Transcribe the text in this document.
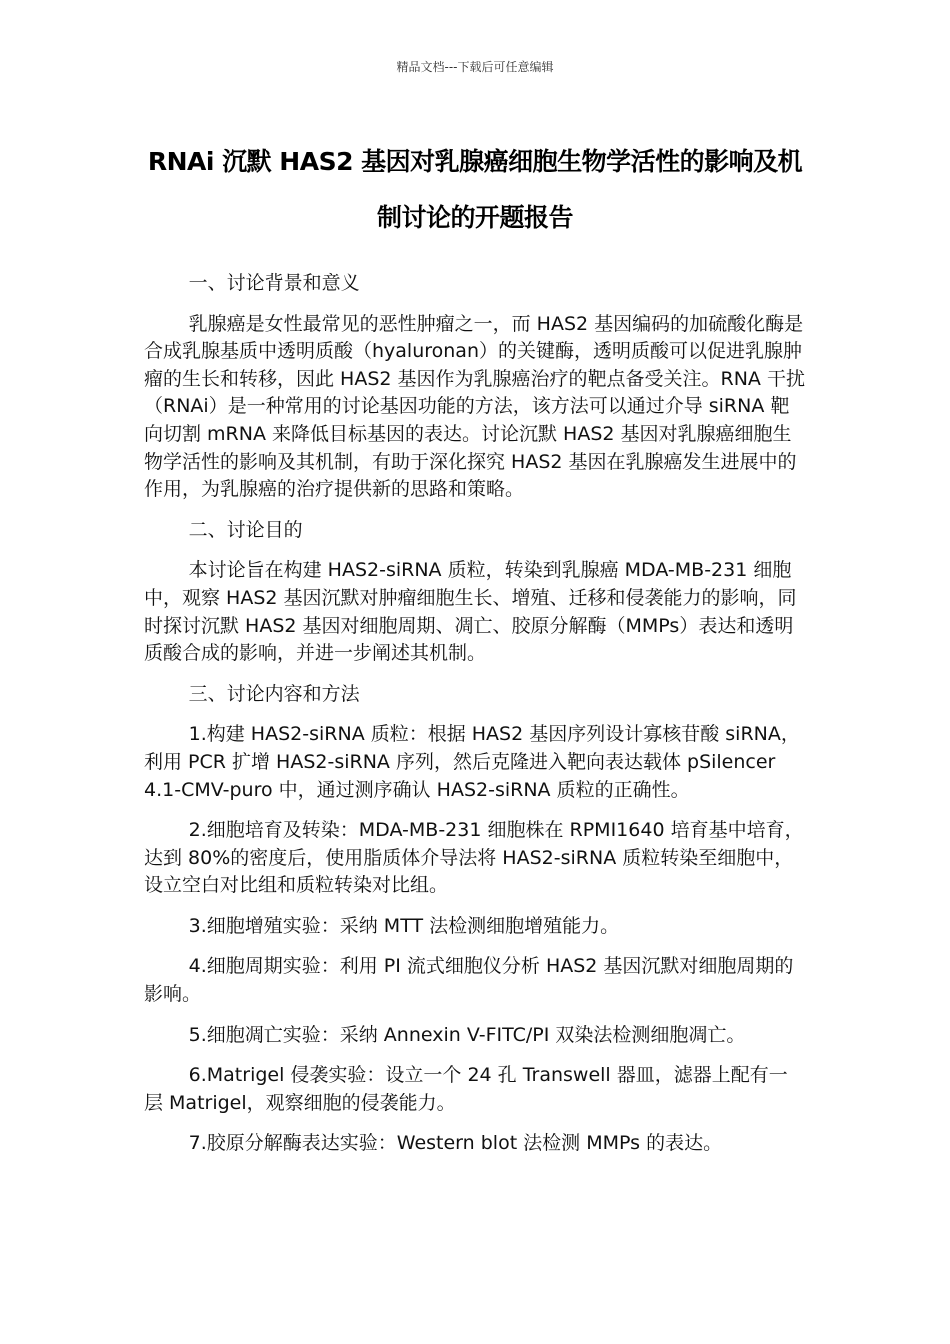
精品文档---下载后可任意编辑
RNAi 沉默 HAS2 基因对乳腺癌细胞生物学活性的影响及机制讨论的开题报告

一、讨论背景和意义

乳腺癌是女性最常见的恶性肿瘤之一，而 HAS2 基因编码的加硫酸化酶是合成乳腺基质中透明质酸（hyaluronan）的关键酶，透明质酸可以促进乳腺肿瘤的生长和转移，因此 HAS2 基因作为乳腺癌治疗的靶点备受关注。RNA 干扰（RNAi）是一种常用的讨论基因功能的方法，该方法可以通过介导 siRNA 靶向切割 mRNA 来降低目标基因的表达。讨论沉默 HAS2 基因对乳腺癌细胞生物学活性的影响及其机制，有助于深化探究 HAS2 基因在乳腺癌发生进展中的作用，为乳腺癌的治疗提供新的思路和策略。

二、讨论目的

本讨论旨在构建 HAS2-siRNA 质粒，转染到乳腺癌 MDA-MB-231 细胞中，观察 HAS2 基因沉默对肿瘤细胞生长、增殖、迁移和侵袭能力的影响，同时探讨沉默 HAS2 基因对细胞周期、凋亡、胶原分解酶（MMPs）表达和透明质酸合成的影响，并进一步阐述其机制。

三、讨论内容和方法

1.构建 HAS2-siRNA 质粒：根据 HAS2 基因序列设计寡核苷酸 siRNA，利用 PCR 扩增 HAS2-siRNA 序列，然后克隆进入靶向表达载体 pSilencer 4.1-CMV-puro 中，通过测序确认 HAS2-siRNA 质粒的正确性。

2.细胞培育及转染：MDA-MB-231 细胞株在 RPMI1640 培育基中培育，达到 80%的密度后，使用脂质体介导法将 HAS2-siRNA 质粒转染至细胞中，设立空白对比组和质粒转染对比组。

3.细胞增殖实验：采纳 MTT 法检测细胞增殖能力。

4.细胞周期实验：利用 PI 流式细胞仪分析 HAS2 基因沉默对细胞周期的影响。

5.细胞凋亡实验：采纳 Annexin V-FITC/PI 双染法检测细胞凋亡。

6.Matrigel 侵袭实验：设立一个 24 孔 Transwell 器皿，滤器上配有一层 Matrigel，观察细胞的侵袭能力。

7.胶原分解酶表达实验：Western blot 法检测 MMPs 的表达。
